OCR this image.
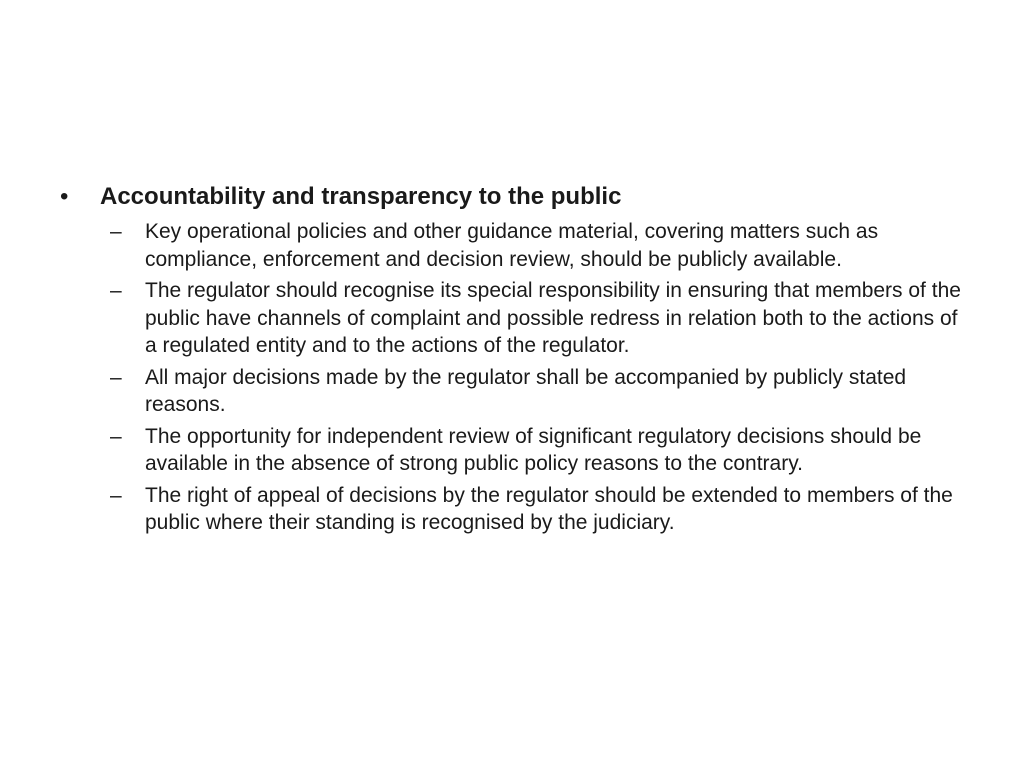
•	Accountability and transparency to the public
–	Key operational policies and other guidance material, covering matters such as compliance, enforcement and decision review, should be publicly available.
–	The regulator should recognise its special responsibility in ensuring that members of the public have channels of complaint and possible redress in relation both to the actions of a regulated entity and to the actions of the regulator.
–	All major decisions made by the regulator shall be accompanied by publicly stated reasons.
–	The opportunity for independent review of significant regulatory decisions should be available in the absence of strong public policy reasons to the contrary.
–	The right of appeal of decisions by the regulator should be extended to members of the public where their standing is recognised by the judiciary.
